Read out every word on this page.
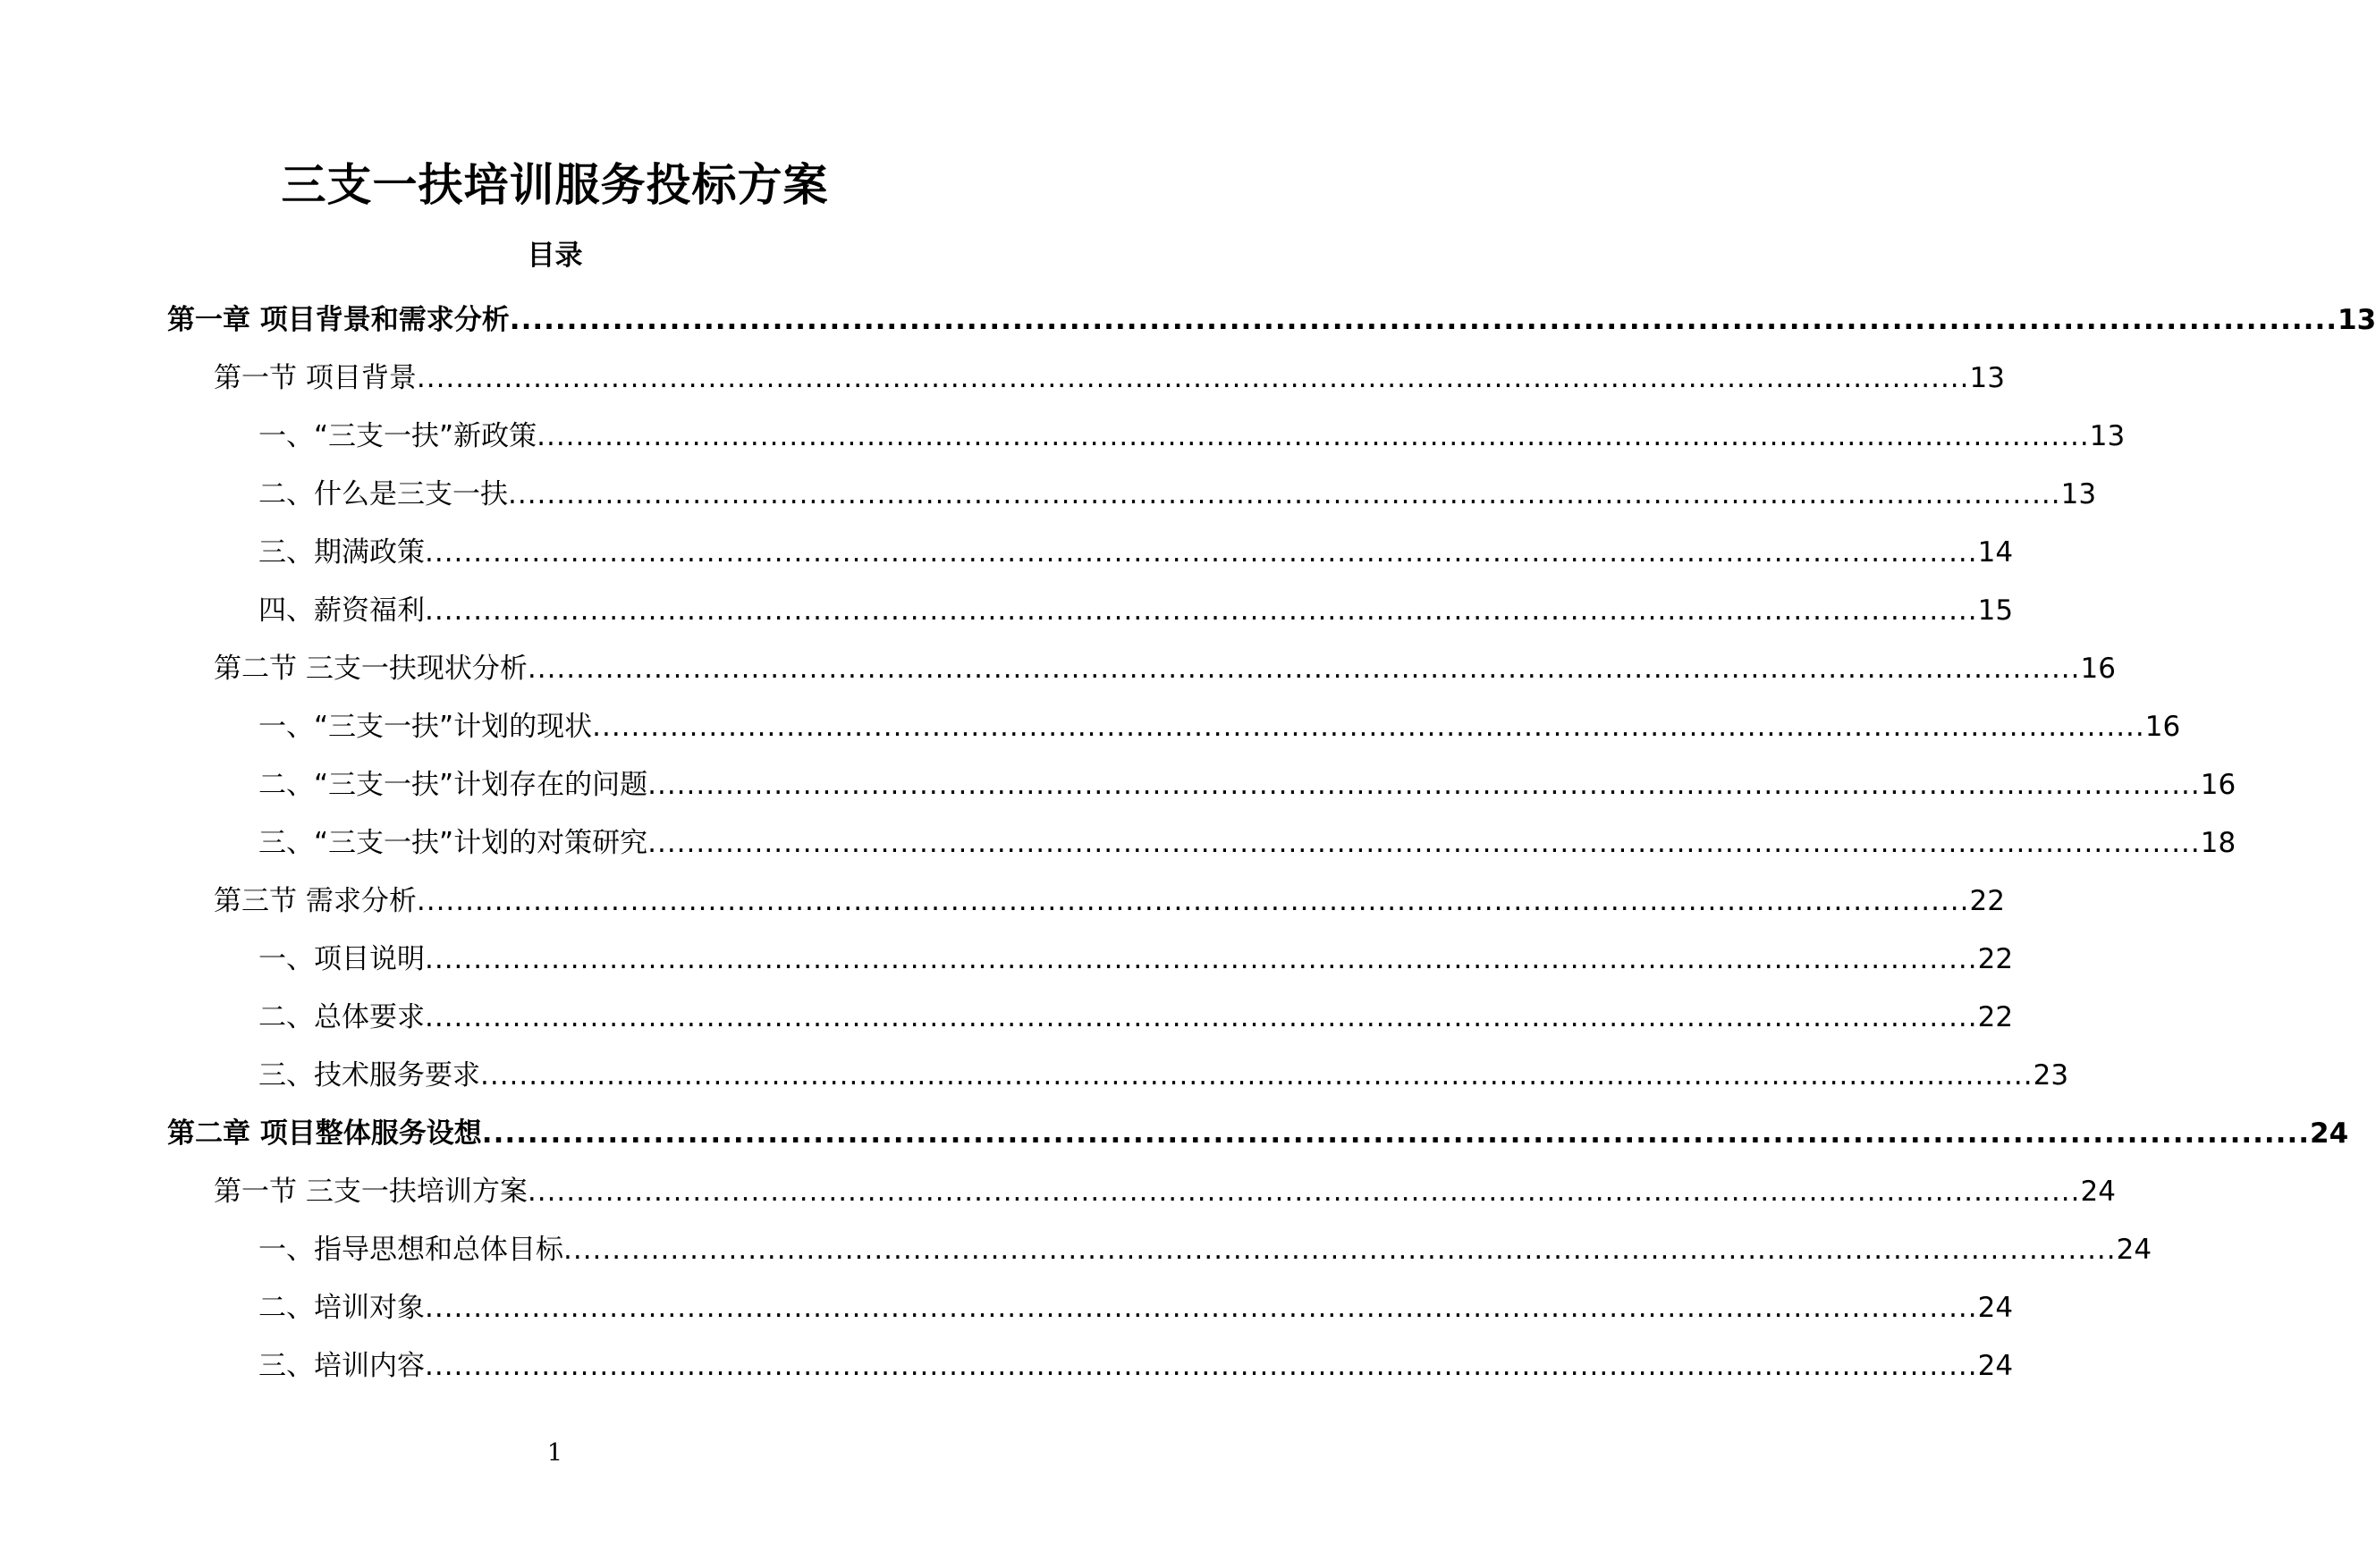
三支一扶培训服务投标方案
目录
第一章 项目背景和需求分析 ................................................................................................................................................................ 13
第一节 项目背景 ................................................................................................................................................................ 13
一、“三支一扶”新政策 ................................................................................................................................................................ 13
二、什么是三支一扶 ................................................................................................................................................................ 13
三、期满政策 ................................................................................................................................................................ 14
四、薪资福利 ................................................................................................................................................................ 15
第二节 三支一扶现状分析 ................................................................................................................................................................ 16
一、“三支一扶”计划的现状 ................................................................................................................................................................ 16
二、“三支一扶”计划存在的问题 ................................................................................................................................................................ 16
三、“三支一扶”计划的对策研究 ................................................................................................................................................................ 18
第三节 需求分析 ................................................................................................................................................................ 22
一、项目说明 ................................................................................................................................................................ 22
二、总体要求 ................................................................................................................................................................ 22
三、技术服务要求 ................................................................................................................................................................ 23
第二章 项目整体服务设想 ................................................................................................................................................................ 24
第一节 三支一扶培训方案 ................................................................................................................................................................ 24
一、指导思想和总体目标 ................................................................................................................................................................ 24
二、培训对象 ................................................................................................................................................................ 24
三、培训内容 ................................................................................................................................................................ 24
1
